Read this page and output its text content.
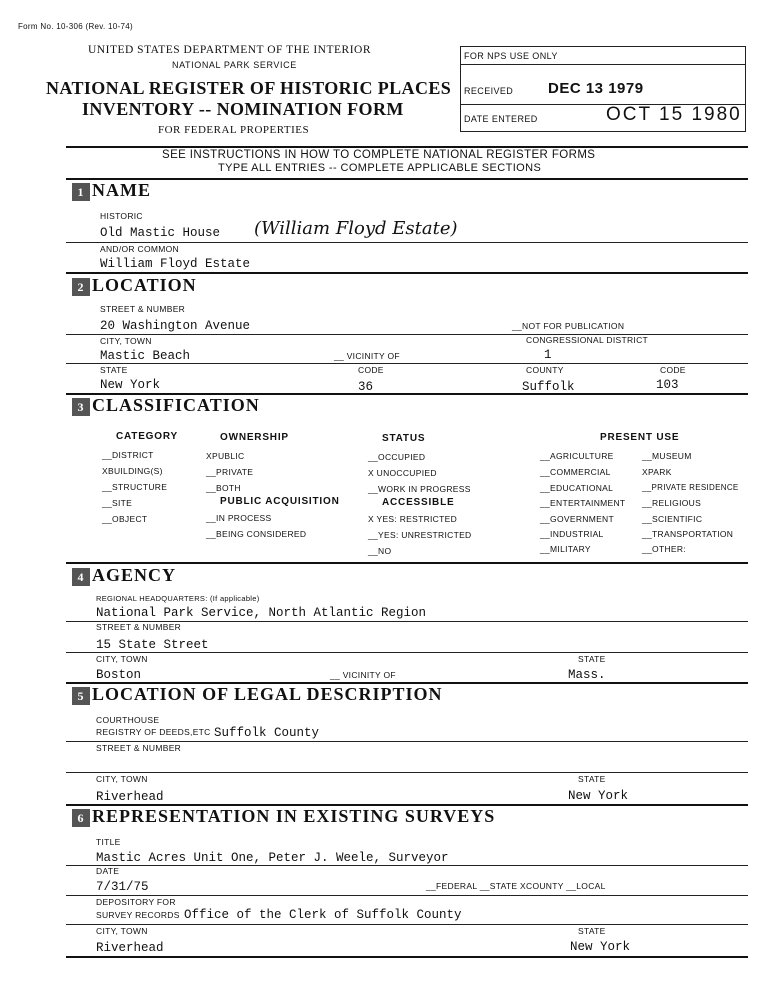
Form No. 10-306 (Rev. 10-74)
UNITED STATES DEPARTMENT OF THE INTERIOR
NATIONAL PARK SERVICE
NATIONAL REGISTER OF HISTORIC PLACES
INVENTORY -- NOMINATION FORM
FOR FEDERAL PROPERTIES
FOR NPS USE ONLY
RECEIVED DEC 13 1979
DATE ENTERED	OCT 15 1980
SEE INSTRUCTIONS IN HOW TO COMPLETE NATIONAL REGISTER FORMS
TYPE ALL ENTRIES -- COMPLETE APPLICABLE SECTIONS
1 NAME
HISTORIC
Old Mastic House (William Floyd Estate)
AND/OR COMMON
William Floyd Estate
2 LOCATION
STREET & NUMBER
20 Washington Avenue	__NOT FOR PUBLICATION
CITY, TOWN	CONGRESSIONAL DISTRICT
Mastic Beach	__ VICINITY OF	1
STATE	CODE	COUNTY	CODE
New York	36	Suffolk	103
3 CLASSIFICATION
CATEGORY	OWNERSHIP	STATUS	PRESENT USE
__DISTRICT
XBUILDING(S)
__STRUCTURE
__SITE
__OBJECT
XPUBLIC
__PRIVATE
__BOTH
PUBLIC ACQUISITION
__IN PROCESS
__BEING CONSIDERED
__OCCUPIED
X UNOCCUPIED
__WORK IN PROGRESS
ACCESSIBLE
X YES: RESTRICTED
__YES: UNRESTRICTED
__NO
__AGRICULTURE
__COMMERCIAL
__EDUCATIONAL
__ENTERTAINMENT
__GOVERNMENT
__INDUSTRIAL
__MILITARY
__MUSEUM
XPARK
__PRIVATE RESIDENCE
__RELIGIOUS
__SCIENTIFIC
__TRANSPORTATION
__OTHER:
4 AGENCY
REGIONAL HEADQUARTERS: (If applicable)
National Park Service, North Atlantic Region
STREET & NUMBER
15 State Street
CITY, TOWN	STATE
Boston	__ VICINITY OF	Mass.
5 LOCATION OF LEGAL DESCRIPTION
COURTHOUSE
REGISTRY OF DEEDS,ETC Suffolk County
STREET & NUMBER
CITY, TOWN	STATE
Riverhead	New York
6 REPRESENTATION IN EXISTING SURVEYS
TITLE
Mastic Acres Unit One, Peter J. Weele, Surveyor
DATE
7/31/75	__FEDERAL __STATE XCOUNTY __LOCAL
DEPOSITORY FOR
SURVEY RECORDS Office of the Clerk of Suffolk County
CITY, TOWN	STATE
Riverhead	New York
